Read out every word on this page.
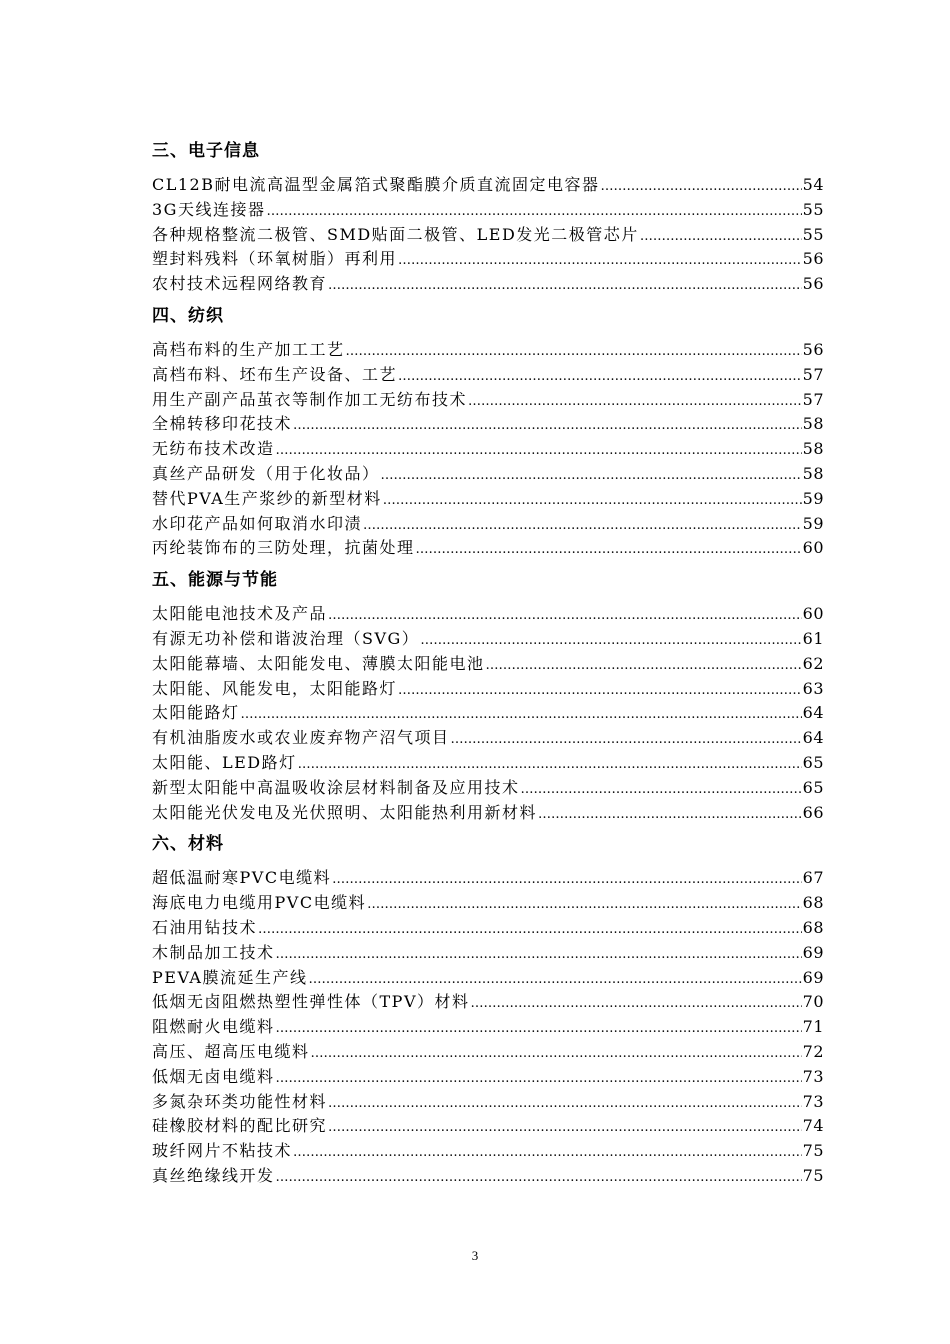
三、电子信息
CL12B耐电流高温型金属箔式聚酯膜介质直流固定电容器 …………………………………………………………………………………………………………………………………………………	54
3G天线连接器 …………………………………………………………………………………………………………………………………………………	55
各种规格整流二极管、SMD贴面二极管、LED发光二极管芯片 …………………………………………………………………………………………………………………………………………………	55
塑封料残料（环氧树脂）再利用 …………………………………………………………………………………………………………………………………………………	56
农村技术远程网络教育 …………………………………………………………………………………………………………………………………………………	56
四、纺织
高档布料的生产加工工艺 …………………………………………………………………………………………………………………………………………………	56
高档布料、坯布生产设备、工艺 …………………………………………………………………………………………………………………………………………………	57
用生产副产品茧衣等制作加工无纺布技术 …………………………………………………………………………………………………………………………………………………	57
全棉转移印花技术 …………………………………………………………………………………………………………………………………………………	58
无纺布技术改造 …………………………………………………………………………………………………………………………………………………	58
真丝产品研发（用于化妆品） …………………………………………………………………………………………………………………………………………………	58
替代PVA生产浆纱的新型材料 …………………………………………………………………………………………………………………………………………………	59
水印花产品如何取消水印渍 …………………………………………………………………………………………………………………………………………………	59
丙纶装饰布的三防处理，抗菌处理 …………………………………………………………………………………………………………………………………………………	60
五、能源与节能
太阳能电池技术及产品 …………………………………………………………………………………………………………………………………………………	60
有源无功补偿和谐波治理（SVG） …………………………………………………………………………………………………………………………………………………	61
太阳能幕墙、太阳能发电、薄膜太阳能电池 …………………………………………………………………………………………………………………………………………………	62
太阳能、风能发电，太阳能路灯 …………………………………………………………………………………………………………………………………………………	63
太阳能路灯 …………………………………………………………………………………………………………………………………………………	64
有机油脂废水或农业废弃物产沼气项目 …………………………………………………………………………………………………………………………………………………	64
太阳能、LED路灯 …………………………………………………………………………………………………………………………………………………	65
新型太阳能中高温吸收涂层材料制备及应用技术 …………………………………………………………………………………………………………………………………………………	65
太阳能光伏发电及光伏照明、太阳能热利用新材料 …………………………………………………………………………………………………………………………………………………	66
六、材料
超低温耐寒PVC电缆料 …………………………………………………………………………………………………………………………………………………	67
海底电力电缆用PVC电缆料 …………………………………………………………………………………………………………………………………………………	68
石油用钻技术 …………………………………………………………………………………………………………………………………………………	68
木制品加工技术 …………………………………………………………………………………………………………………………………………………	69
PEVA膜流延生产线 …………………………………………………………………………………………………………………………………………………	69
低烟无卤阻燃热塑性弹性体（TPV）材料 …………………………………………………………………………………………………………………………………………………	70
阻燃耐火电缆料 …………………………………………………………………………………………………………………………………………………	71
高压、超高压电缆料 …………………………………………………………………………………………………………………………………………………	72
低烟无卤电缆料 …………………………………………………………………………………………………………………………………………………	73
多氮杂环类功能性材料 …………………………………………………………………………………………………………………………………………………	73
硅橡胶材料的配比研究 …………………………………………………………………………………………………………………………………………………	74
玻纤网片不粘技术 …………………………………………………………………………………………………………………………………………………	75
真丝绝缘线开发 …………………………………………………………………………………………………………………………………………………	75
3
